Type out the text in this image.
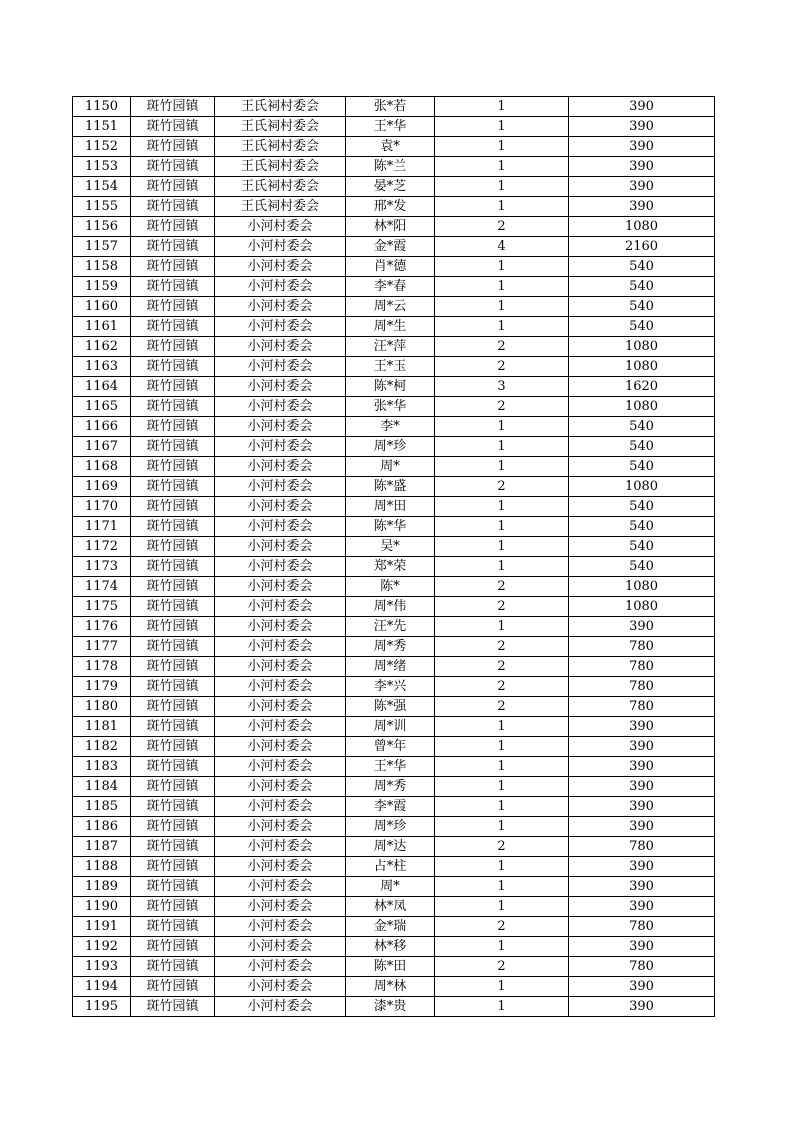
1150	斑竹园镇	王氏祠村委会	张*若	1	390
1151	斑竹园镇	王氏祠村委会	王*华	1	390
1152	斑竹园镇	王氏祠村委会	袁*	1	390
1153	斑竹园镇	王氏祠村委会	陈*兰	1	390
1154	斑竹园镇	王氏祠村委会	晏*芝	1	390
1155	斑竹园镇	王氏祠村委会	邢*发	1	390
1156	斑竹园镇	小河村委会	林*阳	2	1080
1157	斑竹园镇	小河村委会	金*霞	4	2160
1158	斑竹园镇	小河村委会	肖*德	1	540
1159	斑竹园镇	小河村委会	李*春	1	540
1160	斑竹园镇	小河村委会	周*云	1	540
1161	斑竹园镇	小河村委会	周*生	1	540
1162	斑竹园镇	小河村委会	汪*萍	2	1080
1163	斑竹园镇	小河村委会	王*玉	2	1080
1164	斑竹园镇	小河村委会	陈*柯	3	1620
1165	斑竹园镇	小河村委会	张*华	2	1080
1166	斑竹园镇	小河村委会	李*	1	540
1167	斑竹园镇	小河村委会	周*珍	1	540
1168	斑竹园镇	小河村委会	周*	1	540
1169	斑竹园镇	小河村委会	陈*盛	2	1080
1170	斑竹园镇	小河村委会	周*田	1	540
1171	斑竹园镇	小河村委会	陈*华	1	540
1172	斑竹园镇	小河村委会	吴*	1	540
1173	斑竹园镇	小河村委会	郑*荣	1	540
1174	斑竹园镇	小河村委会	陈*	2	1080
1175	斑竹园镇	小河村委会	周*伟	2	1080
1176	斑竹园镇	小河村委会	汪*先	1	390
1177	斑竹园镇	小河村委会	周*秀	2	780
1178	斑竹园镇	小河村委会	周*绪	2	780
1179	斑竹园镇	小河村委会	李*兴	2	780
1180	斑竹园镇	小河村委会	陈*强	2	780
1181	斑竹园镇	小河村委会	周*训	1	390
1182	斑竹园镇	小河村委会	曾*年	1	390
1183	斑竹园镇	小河村委会	王*华	1	390
1184	斑竹园镇	小河村委会	周*秀	1	390
1185	斑竹园镇	小河村委会	李*霞	1	390
1186	斑竹园镇	小河村委会	周*珍	1	390
1187	斑竹园镇	小河村委会	周*达	2	780
1188	斑竹园镇	小河村委会	占*柱	1	390
1189	斑竹园镇	小河村委会	周*	1	390
1190	斑竹园镇	小河村委会	林*凤	1	390
1191	斑竹园镇	小河村委会	金*瑞	2	780
1192	斑竹园镇	小河村委会	林*移	1	390
1193	斑竹园镇	小河村委会	陈*田	2	780
1194	斑竹园镇	小河村委会	周*林	1	390
1195	斑竹园镇	小河村委会	漆*贵	1	390
